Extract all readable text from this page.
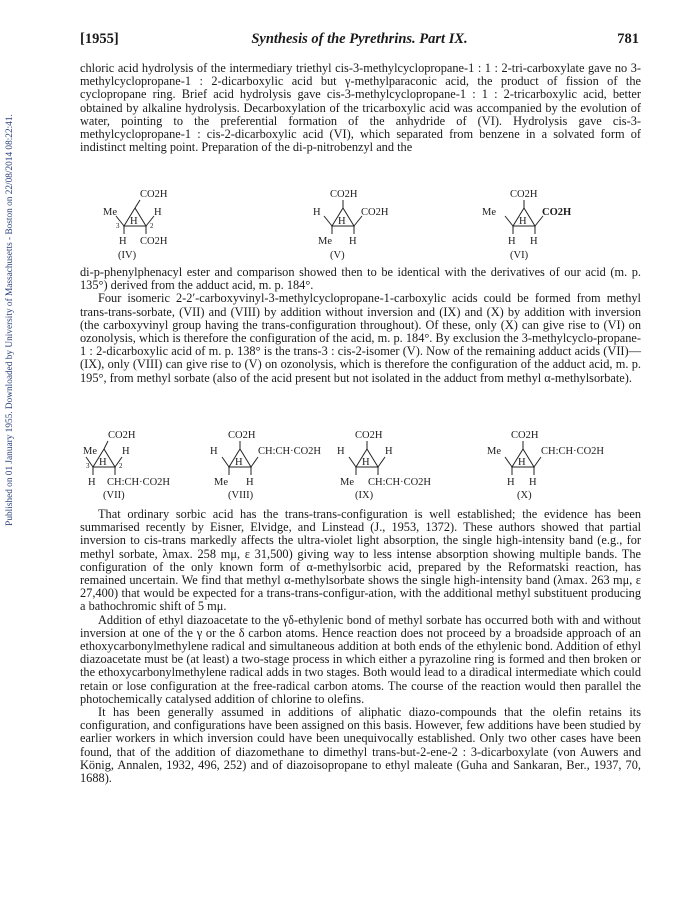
Published on 01 January 1955. Downloaded by University of Massachusetts - Boston on 22/08/2014 08:22:41.
[1955]	Synthesis of the Pyrethrins. Part IX.	781

chloric acid hydrolysis of the intermediary triethyl cis-3-methylcyclopropane-1 : 1 : 2-tri-carboxylate gave no 3-methylcyclopropane-1 : 2-dicarboxylic acid but γ-methylparaconic acid, the product of fission of the cyclopropane ring. Brief acid hydrolysis gave cis-3-methylcyclopropane-1 : 1 : 2-tricarboxylic acid, better obtained by alkaline hydrolysis. Decarboxylation of the tricarboxylic acid was accompanied by the evolution of water, pointing to the preferential formation of the anhydride of (VI). Hydrolysis gave cis-3-methylcyclopropane-1 : cis-2-dicarboxylic acid (VI), which separated from benzene in a solvated form of indistinct melting point. Preparation of the di-p-nitrobenzyl and the

CO2H
Me
H
H
3	2
H CO2H
(IV)
CO2H
H
H
CO2H
Me H
(V)
CO2H
Me
H
CO2H
H H
(VI)

di-p-phenylphenacyl ester and comparison showed then to be identical with the derivatives of our acid (m. p. 135°) derived from the adduct acid, m. p. 184°.

Four isomeric 2-2′-carboxyvinyl-3-methylcyclopropane-1-carboxylic acids could be formed from methyl trans-trans-sorbate, (VII) and (VIII) by addition without inversion and (IX) and (X) by addition with inversion (the carboxyvinyl group having the trans-configuration throughout). Of these, only (X) can give rise to (VI) on ozonolysis, which is therefore the configuration of the acid, m. p. 184°. By exclusion the 3-methylcyclo-propane-1 : 2-dicarboxylic acid of m. p. 138° is the trans-3 : cis-2-isomer (V). Now of the remaining adduct acids (VII)—(IX), only (VIII) can give rise to (V) on ozonolysis, which is therefore the configuration of the adduct acid, m. p. 195°, from methyl sorbate (also of the acid present but not isolated in the adduct from methyl α-methylsorbate).

CO2H
Me
H
H
3	2
H CH:CH·CO2H
(VII)
CO2H
H
H
CH:CH·CO2H
Me H
(VIII)
CO2H
H
H
H
Me CH:CH·CO2H
(IX)
CO2H
Me
H
CH:CH·CO2H
H H
(X)

That ordinary sorbic acid has the trans-trans-configuration is well established; the evidence has been summarised recently by Eisner, Elvidge, and Linstead (J., 1953, 1372). These authors showed that partial inversion to cis-trans markedly affects the ultra-violet light absorption, the single high-intensity band (e.g., for methyl sorbate, λmax. 258 mμ, ε 31,500) giving way to less intense absorption showing multiple bands. The configuration of the only known form of α-methylsorbic acid, prepared by the Reformatski reaction, has remained uncertain. We find that methyl α-methylsorbate shows the single high-intensity band (λmax. 263 mμ, ε 27,400) that would be expected for a trans-trans-configur-ation, with the additional methyl substituent producing a bathochromic shift of 5 mμ.

Addition of ethyl diazoacetate to the γδ-ethylenic bond of methyl sorbate has occurred both with and without inversion at one of the γ or the δ carbon atoms. Hence reaction does not proceed by a broadside approach of an ethoxycarbonylmethylene radical and simultaneous addition at both ends of the ethylenic bond. Addition of ethyl diazoacetate must be (at least) a two-stage process in which either a pyrazoline ring is formed and then broken or the ethoxycarbonylmethylene radical adds in two stages. Both would lead to a diradical intermediate which could retain or lose configuration at the free-radical carbon atoms. The course of the reaction would then parallel the photochemically catalysed addition of chlorine to olefins.

It has been generally assumed in additions of aliphatic diazo-compounds that the olefin retains its configuration, and configurations have been assigned on this basis. However, few additions have been studied by earlier workers in which inversion could have been unequivocally established. Only two other cases have been found, that of the addition of diazomethane to dimethyl trans-but-2-ene-2 : 3-dicarboxylate (von Auwers and König, Annalen, 1932, 496, 252) and of diazoisopropane to ethyl maleate (Guha and Sankaran, Ber., 1937, 70, 1688).
